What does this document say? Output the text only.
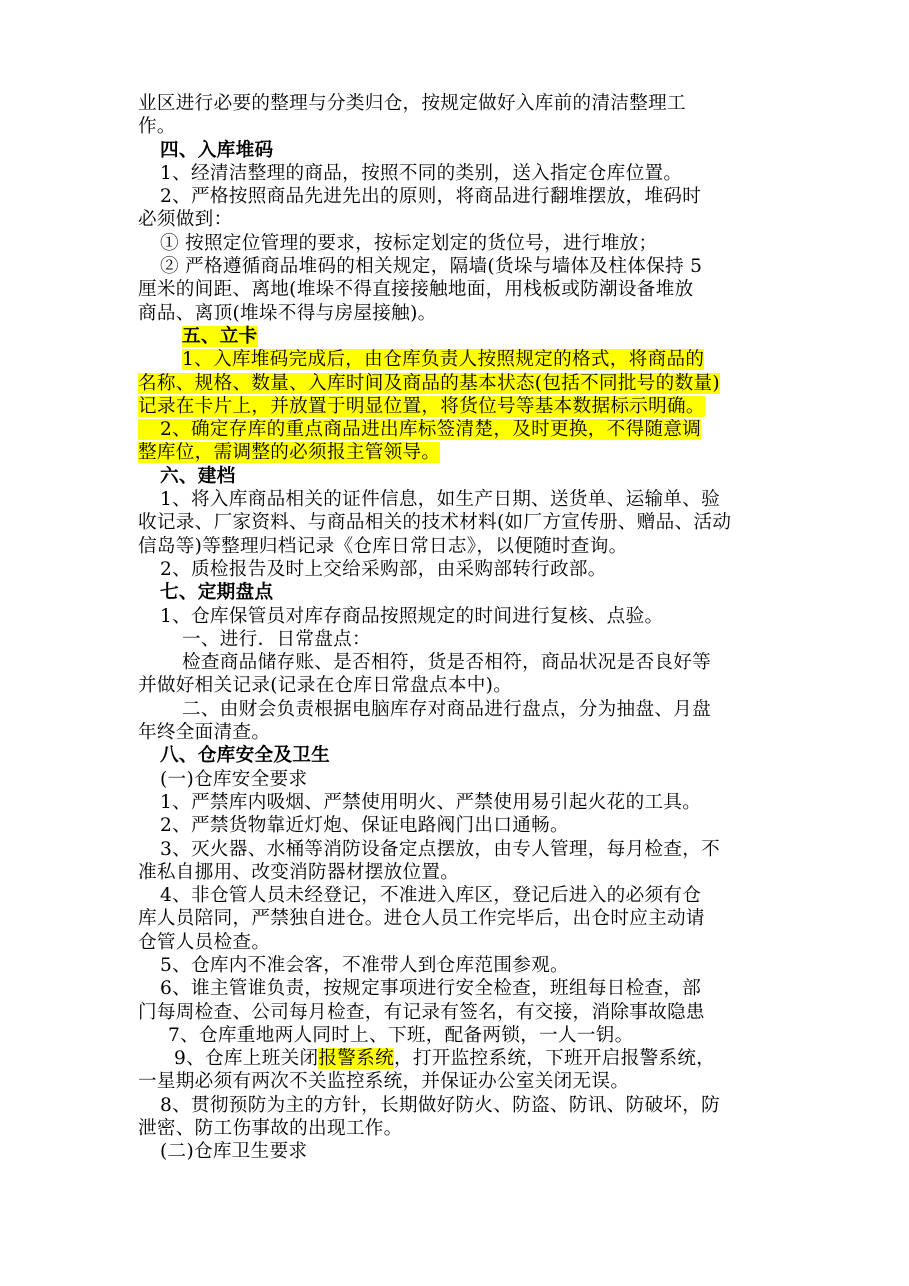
业区进行必要的整理与分类归仓，按规定做好入库前的清洁整理工
作。
四、入库堆码
1、经清洁整理的商品，按照不同的类别，送入指定仓库位置。
2、严格按照商品先进先出的原则，将商品进行翻堆摆放，堆码时
必须做到：
① 按照定位管理的要求，按标定划定的货位号，进行堆放；
② 严格遵循商品堆码的相关规定，隔墙(货垛与墙体及柱体保持 5
厘米的间距、离地(堆垛不得直接接触地面，用栈板或防潮设备堆放
商品、离顶(堆垛不得与房屋接触)。
五、立卡
1、入库堆码完成后，由仓库负责人按照规定的格式，将商品的
名称、规格、数量、入库时间及商品的基本状态(包括不同批号的数量)
记录在卡片上，并放置于明显位置，将货位号等基本数据标示明确。
2、确定存库的重点商品进出库标签清楚，及时更换，不得随意调
整库位，需调整的必须报主管领导。
六、建档
1、将入库商品相关的证件信息，如生产日期、送货单、运输单、验
收记录、厂家资料、与商品相关的技术材料(如厂方宣传册、赠品、活动
信岛等)等整理归档记录《仓库日常日志》，以便随时查询。
2、质检报告及时上交给采购部，由采购部转行政部。
七、定期盘点
1、仓库保管员对库存商品按照规定的时间进行复核、点验。
一、进行．日常盘点：
检查商品储存账、是否相符，货是否相符，商品状况是否良好等
并做好相关记录(记录在仓库日常盘点本中)。
二、由财会负责根据电脑库存对商品进行盘点，分为抽盘、月盘
年终全面清查。
八、仓库安全及卫生
(一)仓库安全要求
1、严禁库内吸烟、严禁使用明火、严禁使用易引起火花的工具。
2、严禁货物靠近灯炮、保证电路阀门出口通畅。
3、灭火器、水桶等消防设备定点摆放，由专人管理，每月检查，不
准私自挪用、改变消防器材摆放位置。
4、非仓管人员未经登记，不准进入库区，登记后进入的必须有仓
库人员陪同，严禁独自进仓。进仓人员工作完毕后，出仓时应主动请
仓管人员检查。
5、仓库内不准会客，不准带人到仓库范围参观。
6、谁主管谁负责，按规定事项进行安全检查，班组每日检查，部
门每周检查、公司每月检查，有记录有签名，有交接，消除事故隐患
7、仓库重地两人同时上、下班，配备两锁，一人一钥。
9、仓库上班关闭报警系统，打开监控系统，下班开启报警系统，
一星期必须有两次不关监控系统，并保证办公室关闭无误。
8、贯彻预防为主的方针，长期做好防火、防盗、防讯、防破坏，防
泄密、防工伤事故的出现工作。
(二)仓库卫生要求
